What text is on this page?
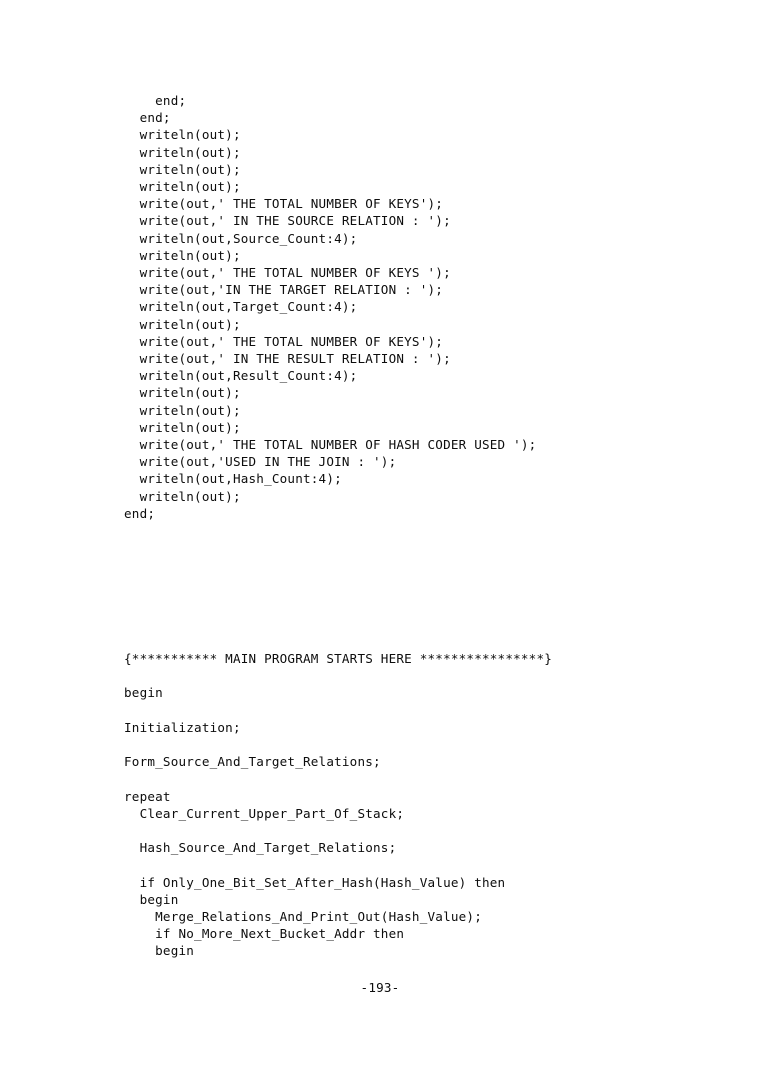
end;
end;
writeln(out);
writeln(out);
writeln(out);
writeln(out);
write(out,' THE TOTAL NUMBER OF KEYS');
write(out,' IN THE SOURCE RELATION : ');
writeln(out,Source_Count:4);
writeln(out);
write(out,' THE TOTAL NUMBER OF KEYS ');
write(out,'IN THE TARGET RELATION : ');
writeln(out,Target_Count:4);
writeln(out);
write(out,' THE TOTAL NUMBER OF KEYS');
write(out,' IN THE RESULT RELATION : ');
writeln(out,Result_Count:4);
writeln(out);
writeln(out);
writeln(out);
write(out,' THE TOTAL NUMBER OF HASH CODER USED ');
write(out,'USED IN THE JOIN : ');
writeln(out,Hash_Count:4);
writeln(out);
end;
{*********** MAIN PROGRAM STARTS HERE ****************}
begin
Initialization;
Form_Source_And_Target_Relations;
repeat
Clear_Current_Upper_Part_Of_Stack;
Hash_Source_And_Target_Relations;
if Only_One_Bit_Set_After_Hash(Hash_Value) then
begin
Merge_Relations_And_Print_Out(Hash_Value);
if No_More_Next_Bucket_Addr then
begin
-193-
